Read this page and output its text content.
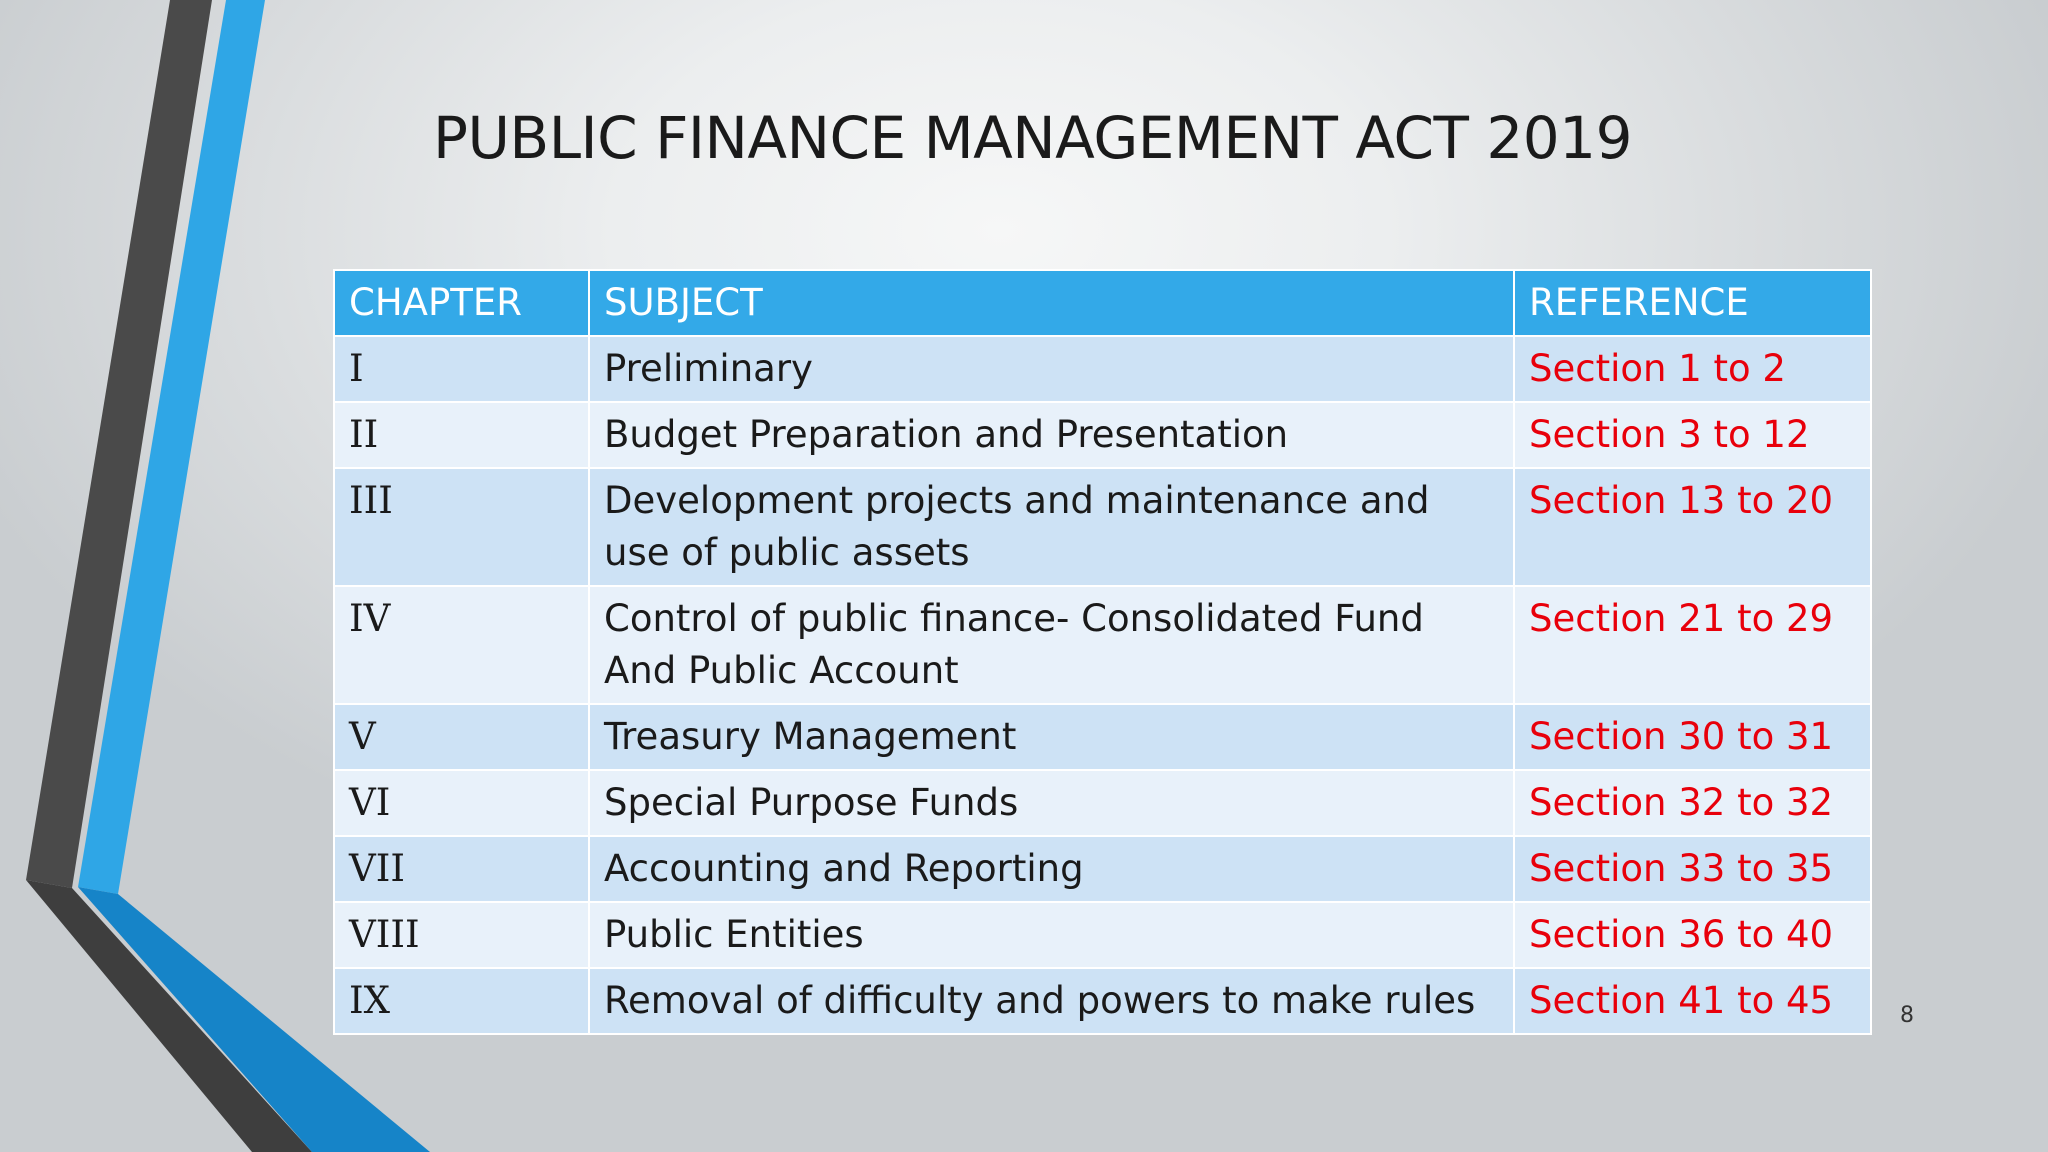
PUBLIC FINANCE MANAGEMENT ACT 2019
CHAPTER	SUBJECT	REFERENCE
I	Preliminary	Section 1 to 2
II	Budget Preparation and Presentation	Section 3 to 12
III	Development projects and maintenance and use of public assets	Section 13 to 20
IV	Control of public finance- Consolidated Fund And Public Account	Section 21 to 29
V	Treasury Management	Section 30 to 31
VI	Special Purpose Funds	Section 32 to 32
VII	Accounting and Reporting	Section 33 to 35
VIII	Public Entities	Section 36 to 40
IX	Removal of difficulty and powers to make rules	Section 41 to 45	8
